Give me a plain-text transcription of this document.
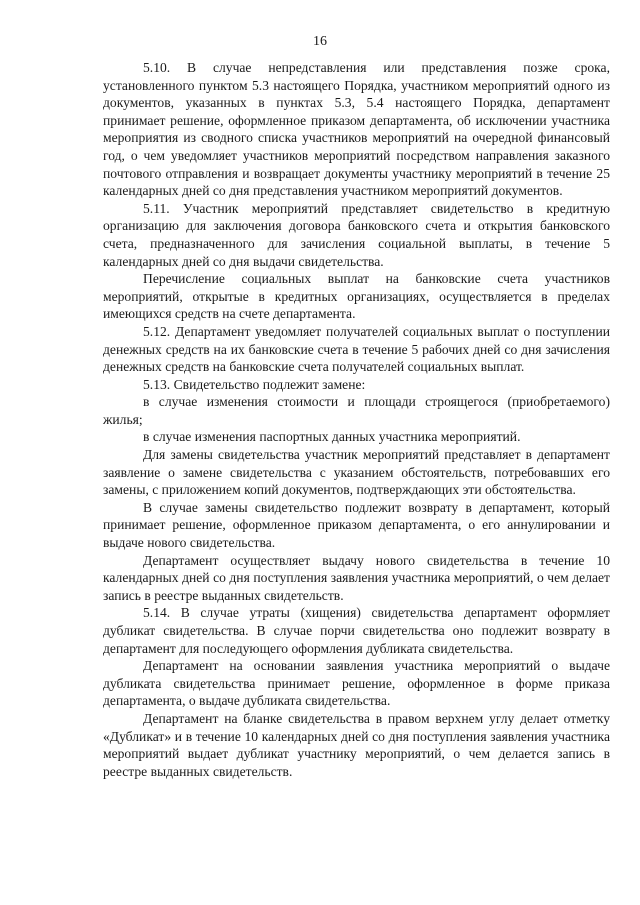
16

5.10. В случае непредставления или представления позже срока, установленного пунктом 5.3 настоящего Порядка, участником мероприятий одного из документов, указанных в пунктах 5.3, 5.4 настоящего Порядка, департамент принимает решение, оформленное приказом департамента, об исключении участника мероприятия из сводного списка участников мероприятий на очередной финансовый год, о чем уведомляет участников мероприятий посредством направления заказного почтового отправления и возвращает документы участнику мероприятий в течение 25 календарных дней со дня представления участником мероприятий документов.

5.11. Участник мероприятий представляет свидетельство в кредитную организацию для заключения договора банковского счета и открытия банковского счета, предназначенного для зачисления социальной выплаты, в течение 5 календарных дней со дня выдачи свидетельства.

Перечисление социальных выплат на банковские счета участников мероприятий, открытые в кредитных организациях, осуществляется в пределах имеющихся средств на счете департамента.

5.12. Департамент уведомляет получателей социальных выплат о поступлении денежных средств на их банковские счета в течение 5 рабочих дней со дня зачисления денежных средств на банковские счета получателей социальных выплат.

5.13. Свидетельство подлежит замене:

в случае изменения стоимости и площади строящегося (приобретаемого) жилья;

в случае изменения паспортных данных участника мероприятий.

Для замены свидетельства участник мероприятий представляет в департамент заявление о замене свидетельства с указанием обстоятельств, потребовавших его замены, с приложением копий документов, подтверждающих эти обстоятельства.

В случае замены свидетельство подлежит возврату в департамент, который принимает решение, оформленное приказом департамента, о его аннулировании и выдаче нового свидетельства.

Департамент осуществляет выдачу нового свидетельства в течение 10 календарных дней со дня поступления заявления участника мероприятий, о чем делает запись в реестре выданных свидетельств.

5.14. В случае утраты (хищения) свидетельства департамент оформляет дубликат свидетельства. В случае порчи свидетельства оно подлежит возврату в департамент для последующего оформления дубликата свидетельства.

Департамент на основании заявления участника мероприятий о выдаче дубликата свидетельства принимает решение, оформленное в форме приказа департамента, о выдаче дубликата свидетельства.

Департамент на бланке свидетельства в правом верхнем углу делает отметку «Дубликат» и в течение 10 календарных дней со дня поступления заявления участника мероприятий выдает дубликат участнику мероприятий, о чем делается запись в реестре выданных свидетельств.
